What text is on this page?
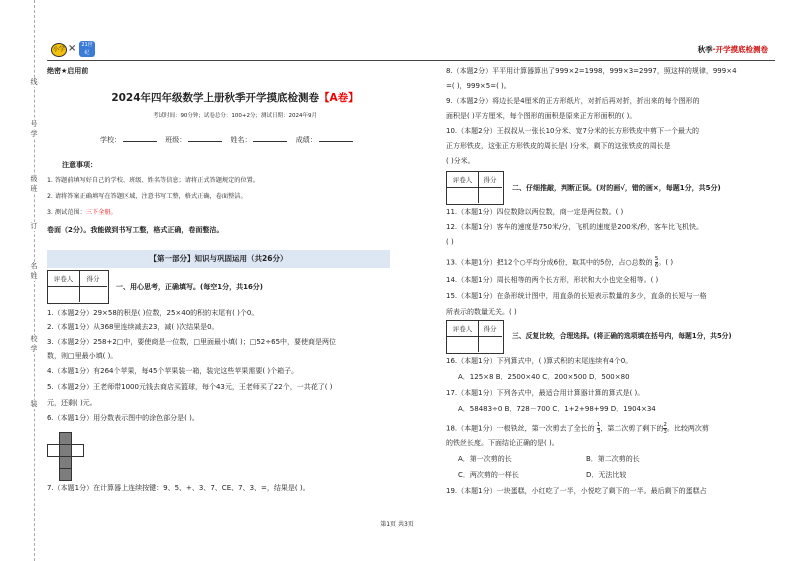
线
号
学
级
班
订
名
姓
校
学
装
小学 × 21世纪	秋季·开学摸底检测卷
绝密★启用前
2024年四年级数学上册秋季开学摸底检测卷【A卷】
考试时间：90分钟；试卷总分：100+2分；测试日期：2024年9月
学校：	班级：	姓名：	成绩：
注意事项：
1. 答题前填写好自己的学校、班级、姓名等信息；请将正式答题规定的位置。
2. 请将答案正确填写在答题区域，注意书写工整，格式正确，卷面整洁。
3. 测试范围：三下全册。
卷面（2分）。我能做到书写工整，格式正确，卷面整洁。
【第一部分】知识与巩固运用（共26分）
评卷人	得分
一、用心思考，正确填写。(每空1分，共16分)
1.（本题2分）29×58的积是( )位数，25×40的积的末尾有( )个0。
2.（本题1分）从368里连续减去23，减( )次结果是0。
3.（本题2分）258+2□中，要使商是一位数，□里面最小填( )；□52÷65中，要使商是两位
数，则□里最小填( )。
4.（本题1分）有264个苹果，每45个苹果装一箱，装完这些苹果需要( )个箱子。
5.（本题2分）王老师带1000元钱去商店买篮球，每个43元，王老师买了22个，一共花了( )
元，还剩( )元。
6.（本题1分）用分数表示图中的涂色部分是( )。
7.（本题1分）在计算器上连续按键：9、5、+、3、7、CE、7、3、=，结果是( )。
8.（本题2分）平平用计算器算出了999×2=1998，999×3=2997，照这样的规律，999×4
=( )，999×5=( )。
9.（本题2分）将边长是4厘米的正方形纸片，对折后再对折，折出来的每个图形的
面积是( )平方厘米，每个图形的面积是原来正方形面积的( )。
10.（本题2分）王叔叔从一张长10分米、宽7分米的长方形铁皮中剪下一个最大的
正方形铁皮，这张正方形铁皮的周长是( )分米，剩下的这张铁皮的周长是
( )分米。
评卷人	得分
二、仔细推敲，判断正误。(对的画√，错的画×，每题1分，共5分)
11.（本题1分）四位数除以两位数，商一定是两位数。( )
12.（本题1分）客车的速度是750米/分，飞机的速度是200米/秒，客车比飞机快。
( )
13.（本题1分）把12个○平均分成6份，取其中的5份，占○总数的 $\frac{5}{6}$ 。( )
14.（本题1分）周长相等的两个长方形，形状和大小也完全相等。( )
15.（本题1分）在条形统计图中，用直条的长短表示数量的多少，直条的长短与一格
所表示的数量无关。( )
评卷人	得分
三、反复比较，合理选择。(将正确的选项填在括号内，每题1分，共5分)
16.（本题1分）下列算式中，( )算式积的末尾连续有4个0。
A．125×8 B．2500×40 C．200×500 D．500×80
17.（本题1分）下列各式中，最适合用计算器计算的算式是( )。
A．58483÷0 B．728－700 C．1+2+98+99 D．1904×34
18.（本题1分）一根铁丝，第一次剪去了全长的 $\frac{1}{3}$ ，第二次剪了剩下的 $\frac{2}{3}$ 。比较两次剪
的铁丝长度。下面结论正确的是( )。
A．第一次剪的长	B．第二次剪的长
C．两次剪的一样长	D．无法比较
19.（本题1分）一块蛋糕，小红吃了一半，小悦吃了剩下的一半。最后剩下的蛋糕占
第1页 共3页
